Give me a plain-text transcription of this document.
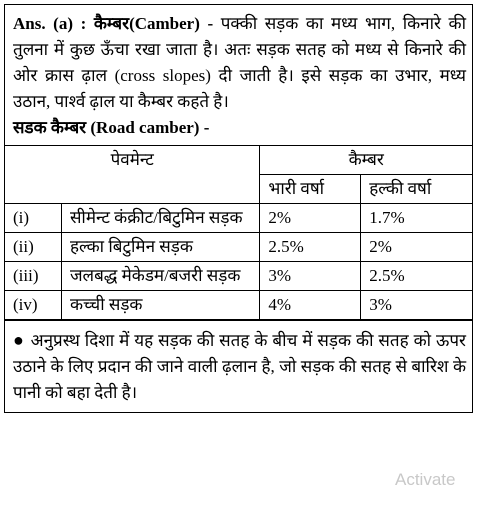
Ans. (a) : कैम्बर(Camber) - पक्की सड़क का मध्य भाग, किनारे की तुलना में कुछ ऊँचा रखा जाता है। अतः सड़क सतह को मध्य से किनारे की ओर क्रास ढ़ाल (cross slopes) दी जाती है। इसे सड़क का उभार, मध्य उठान, पार्श्व ढ़ाल या कैम्बर कहते है।
सडक कैम्बर (Road camber) -
पेवमेन्ट		कैम्बर	
		भारी वर्षा	हल्की वर्षा
(i)	सीमेन्ट कंक्रीट/बिटुमिन सड़क	2%	1.7%
(ii)	हल्का बिटुमिन सड़क	2.5%	2%
(iii)	जलबद्ध मेकेडम/बजरी सड़क	3%	2.5%
(iv)	कच्ची सड़क	4%	3%
● अनुप्रस्थ दिशा में यह सड़क की सतह के बीच में सड़क की सतह को ऊपर उठाने के लिए प्रदान की जाने वाली ढ़लान है, जो सड़क की सतह से बारिश के पानी को बहा देती है।
Activate
